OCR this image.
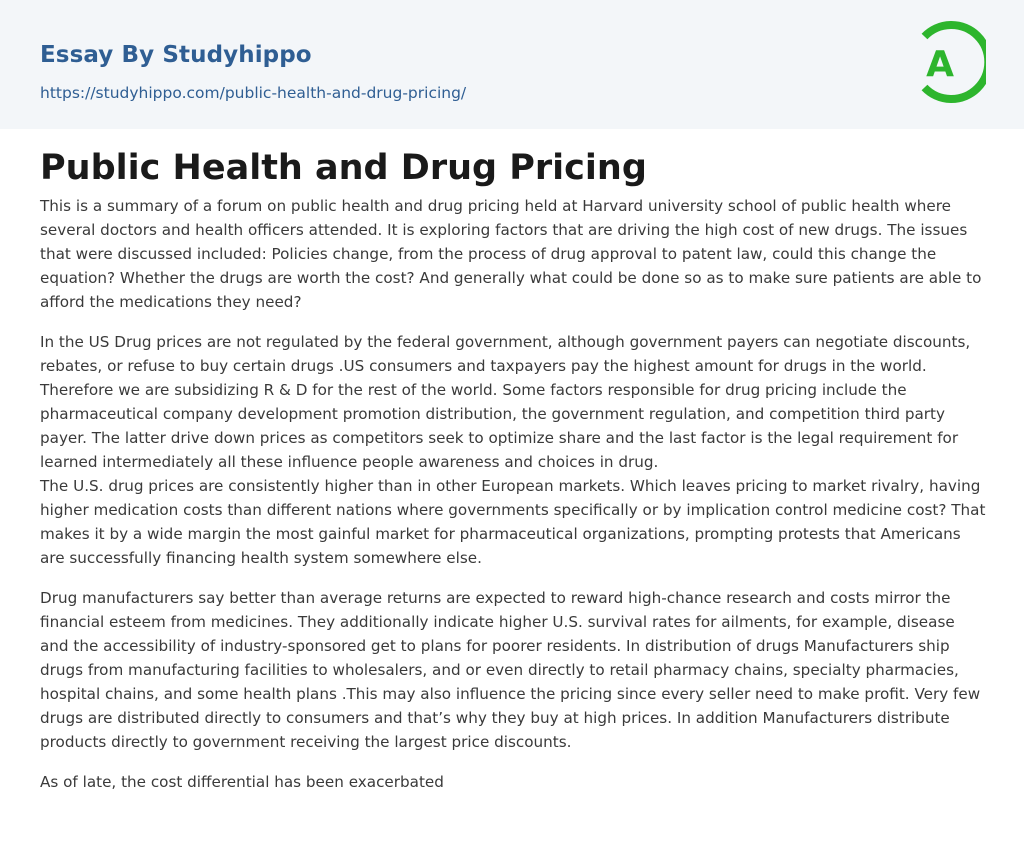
Essay By Studyhippo
https://studyhippo.com/public-health-and-drug-pricing/
A
Public Health and Drug Pricing

This is a summary of a forum on public health and drug pricing held at Harvard university school of public health where several doctors and health officers attended. It is exploring factors that are driving the high cost of new drugs. The issues that were discussed included: Policies change, from the process of drug approval to patent law, could this change the equation? Whether the drugs are worth the cost? And generally what could be done so as to make sure patients are able to afford the medications they need?

In the US Drug prices are not regulated by the federal government, although government payers can negotiate discounts, rebates, or refuse to buy certain drugs .US consumers and taxpayers pay the highest amount for drugs in the world. Therefore we are subsidizing R & D for the rest of the world. Some factors responsible for drug pricing include the pharmaceutical company development promotion distribution, the government regulation, and competition third party payer. The latter drive down prices as competitors seek to optimize share and the last factor is the legal requirement for learned intermediately all these influence people awareness and choices in drug.

The U.S. drug prices are consistently higher than in other European markets. Which leaves pricing to market rivalry, having higher medication costs than different nations where governments specifically or by implication control medicine cost? That makes it by a wide margin the most gainful market for pharmaceutical organizations, prompting protests that Americans are successfully financing health system somewhere else.

Drug manufacturers say better than average returns are expected to reward high-chance research and costs mirror the financial esteem from medicines. They additionally indicate higher U.S. survival rates for ailments, for example, disease and the accessibility of industry-sponsored get to plans for poorer residents. In distribution of drugs Manufacturers ship drugs from manufacturing facilities to wholesalers, and or even directly to retail pharmacy chains, specialty pharmacies, hospital chains, and some health plans .This may also influence the pricing since every seller need to make profit. Very few drugs are distributed directly to consumers and that’s why they buy at high prices. In addition Manufacturers distribute products directly to government receiving the largest price discounts.

As of late, the cost differential has been exacerbated
